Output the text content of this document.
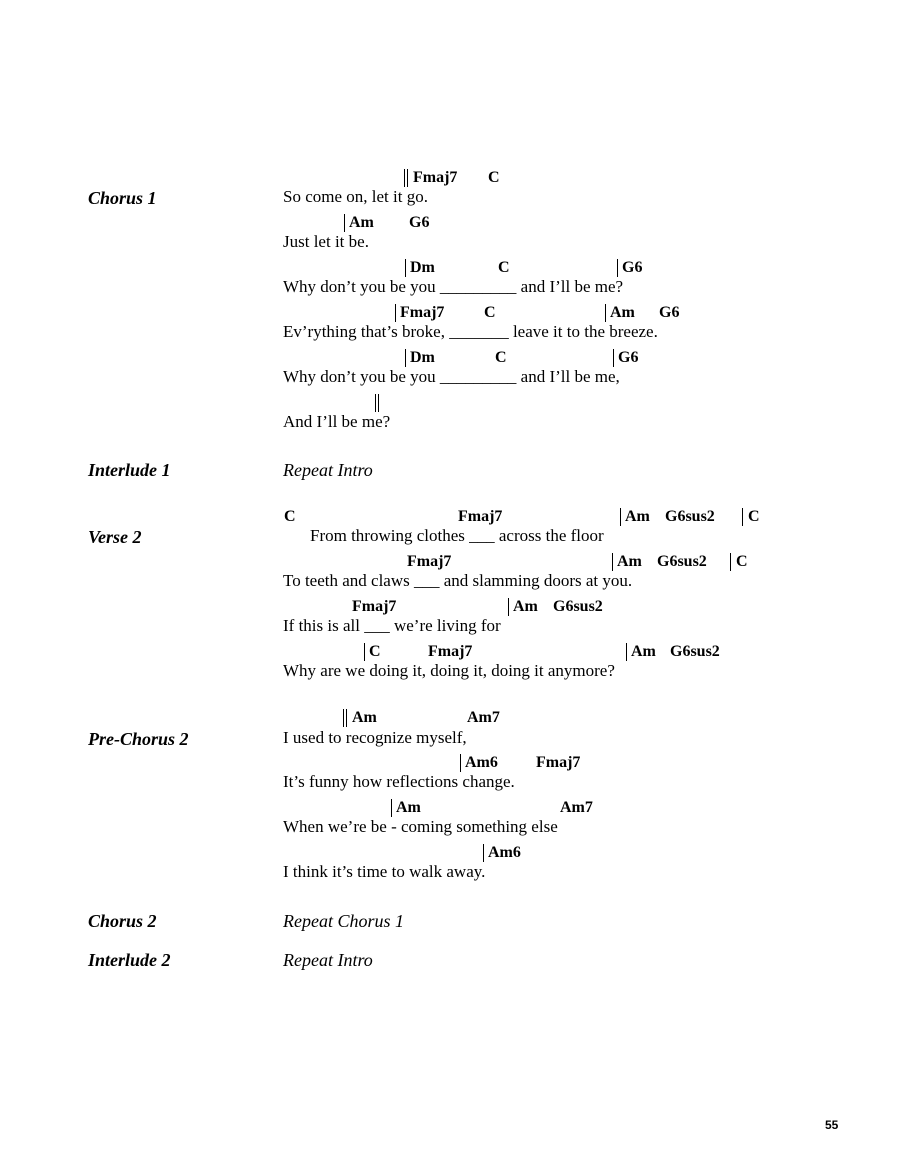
Chorus 1
Fmaj7 C
So come on, let it go.
Am G6
Just let it be.
Dm	C	G6
Why don’t you be you _________ and I’ll be me?
Fmaj7 C	Am G6
Ev’rything that’s broke, _______ leave it to the breeze.
Dm	C	G6
Why don’t you be you _________ and I’ll be me,
And I’ll be me?
Interlude 1	Repeat Intro
Verse 2
C	Fmaj7	Am G6sus2 C
From throwing clothes ___ across the floor
Fmaj7	Am G6sus2 C
To teeth and claws ___ and slamming doors at you.
Fmaj7	Am G6sus2
If this is all ___ we’re living for
C	Fmaj7	Am G6sus2
Why are we doing it, doing it, doing it anymore?
Pre-Chorus 2
Am	Am7
I used to recognize myself,
Am6 Fmaj7
It’s funny how reflections change.
Am	Am7
When we’re be - coming something else
Am6
I think it’s time to walk away.
Chorus 2	Repeat Chorus 1
Interlude 2	Repeat Intro
55
